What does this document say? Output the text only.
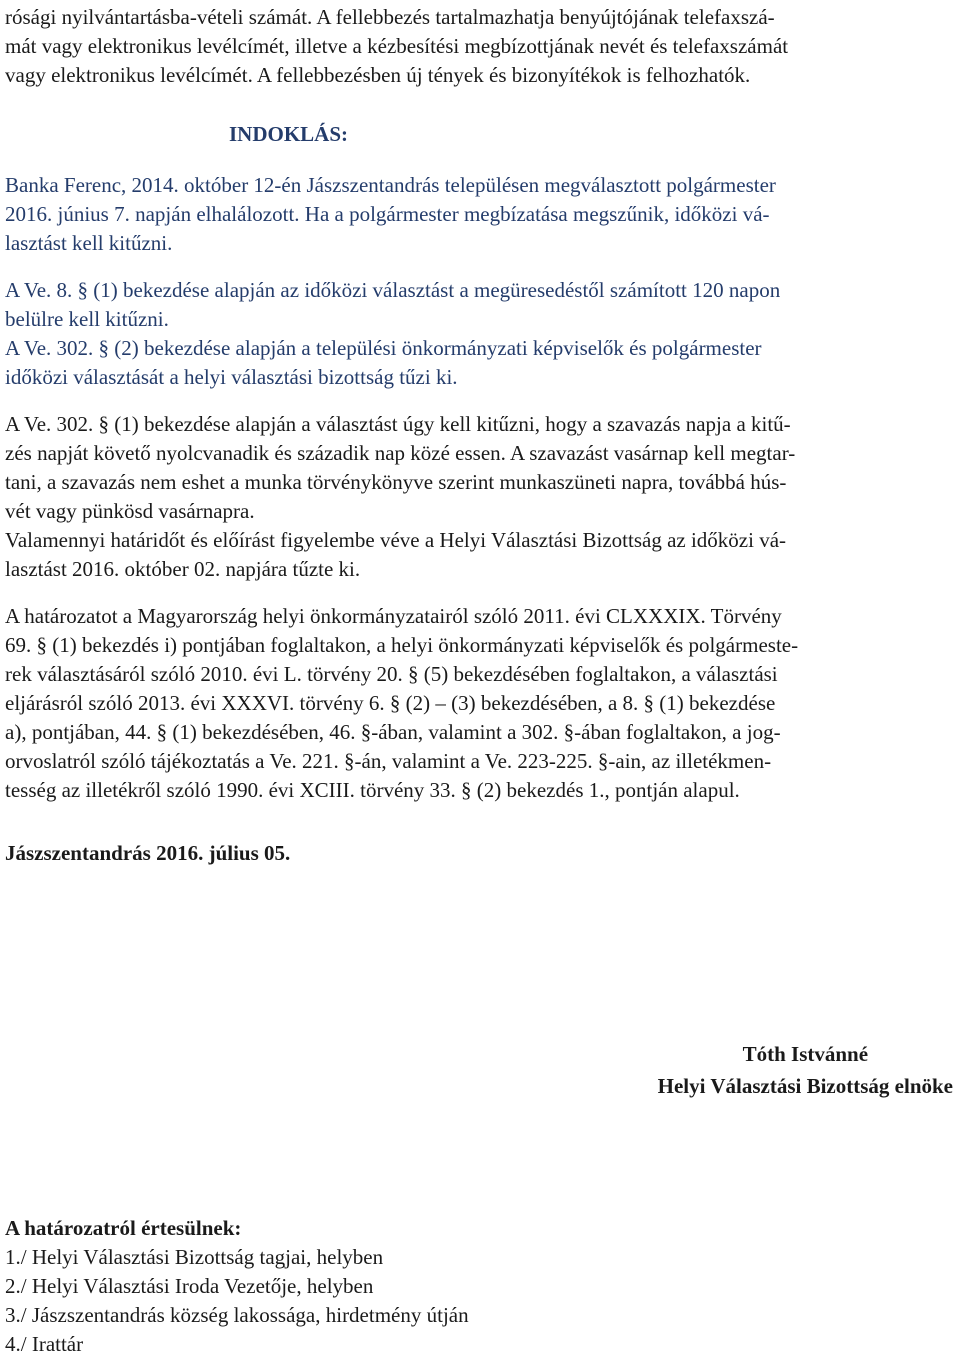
rósági nyilvántartásba-vételi számát. A fellebbezés tartalmazhatja benyújtójának telefaxszá-
mát vagy elektronikus levélcímét, illetve a kézbesítési megbízottjának nevét és telefaxszámát
vagy elektronikus levélcímét. A fellebbezésben új tények és bizonyítékok is felhozhatók.
INDOKLÁS:
Banka Ferenc, 2014. október 12-én Jászszentandrás településen megválasztott polgármester
2016. június 7. napján elhalálozott. Ha a polgármester megbízatása megszűnik, időközi vá-
lasztást kell kitűzni.
A Ve. 8. § (1) bekezdése alapján az időközi választást a megüresedéstől számított 120 napon
belülre kell kitűzni.
A Ve. 302. § (2) bekezdése alapján a települési önkormányzati képviselők és polgármester
időközi választását a helyi választási bizottság tűzi ki.
A Ve. 302. § (1) bekezdése alapján a választást úgy kell kitűzni, hogy a szavazás napja a kitű-
zés napját követő nyolcvanadik és századik nap közé essen. A szavazást vasárnap kell megtar-
tani, a szavazás nem eshet a munka törvénykönyve szerint munkaszüneti napra, továbbá hús-
vét vagy pünkösd vasárnapra.
Valamennyi határidőt és előírást figyelembe véve a Helyi Választási Bizottság az időközi vá-
lasztást 2016. október 02. napjára tűzte ki.
A határozatot a Magyarország helyi önkormányzatairól szóló 2011. évi CLXXXIX. Törvény
69. § (1) bekezdés i) pontjában foglaltakon, a helyi önkormányzati képviselők és polgármeste-
rek választásáról szóló 2010. évi L. törvény 20. § (5) bekezdésében foglaltakon, a választási
eljárásról szóló 2013. évi XXXVI. törvény 6. § (2) – (3) bekezdésében, a 8. § (1) bekezdése
a), pontjában, 44. § (1) bekezdésében, 46. §-ában, valamint a 302. §-ában foglaltakon, a jog-
orvoslatról szóló tájékoztatás a Ve. 221. §-án, valamint a Ve. 223-225. §-ain, az illetékmen-
tesség az illetékről szóló 1990. évi XCIII. törvény 33. § (2) bekezdés 1., pontján alapul.
Jászszentandrás 2016. július 05.
Tóth Istvánné
Helyi Választási Bizottság elnöke
A határozatról értesülnek:
1./ Helyi Választási Bizottság tagjai, helyben
2./ Helyi Választási Iroda Vezetője, helyben
3./ Jászszentandrás község lakossága, hirdetmény útján
4./ Irattár
